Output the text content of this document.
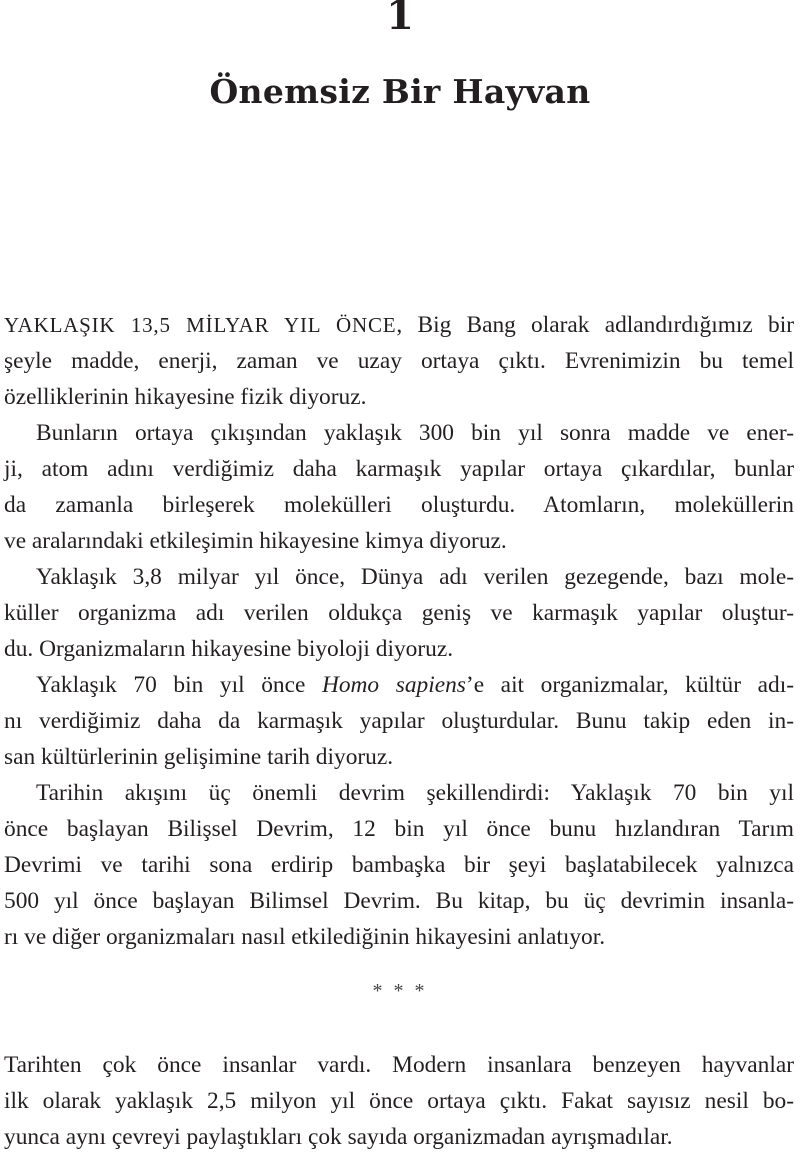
1
Önemsiz Bir Hayvan
YAKLAŞIK 13,5 MİLYAR YIL ÖNCE, Big Bang olarak adlandırdığımız bir
şeyle madde, enerji, zaman ve uzay ortaya çıktı. Evrenimizin bu temel
özelliklerinin hikayesine fizik diyoruz.
Bunların ortaya çıkışından yaklaşık 300 bin yıl sonra madde ve ener-
ji, atom adını verdiğimiz daha karmaşık yapılar ortaya çıkardılar, bunlar
da zamanla birleşerek molekülleri oluşturdu. Atomların, moleküllerin
ve aralarındaki etkileşimin hikayesine kimya diyoruz.
Yaklaşık 3,8 milyar yıl önce, Dünya adı verilen gezegende, bazı mole-
küller organizma adı verilen oldukça geniş ve karmaşık yapılar oluştur-
du. Organizmaların hikayesine biyoloji diyoruz.
Yaklaşık 70 bin yıl önce Homo sapiens’e ait organizmalar, kültür adı-
nı verdiğimiz daha da karmaşık yapılar oluşturdular. Bunu takip eden in-
san kültürlerinin gelişimine tarih diyoruz.
Tarihin akışını üç önemli devrim şekillendirdi: Yaklaşık 70 bin yıl
önce başlayan Bilişsel Devrim, 12 bin yıl önce bunu hızlandıran Tarım
Devrimi ve tarihi sona erdirip bambaşka bir şeyi başlatabilecek yalnızca
500 yıl önce başlayan Bilimsel Devrim. Bu kitap, bu üç devrimin insanla-
rı ve diğer organizmaları nasıl etkilediğinin hikayesini anlatıyor.
* * *
Tarihten çok önce insanlar vardı. Modern insanlara benzeyen hayvanlar
ilk olarak yaklaşık 2,5 milyon yıl önce ortaya çıktı. Fakat sayısız nesil bo-
yunca aynı çevreyi paylaştıkları çok sayıda organizmadan ayrışmadılar.
